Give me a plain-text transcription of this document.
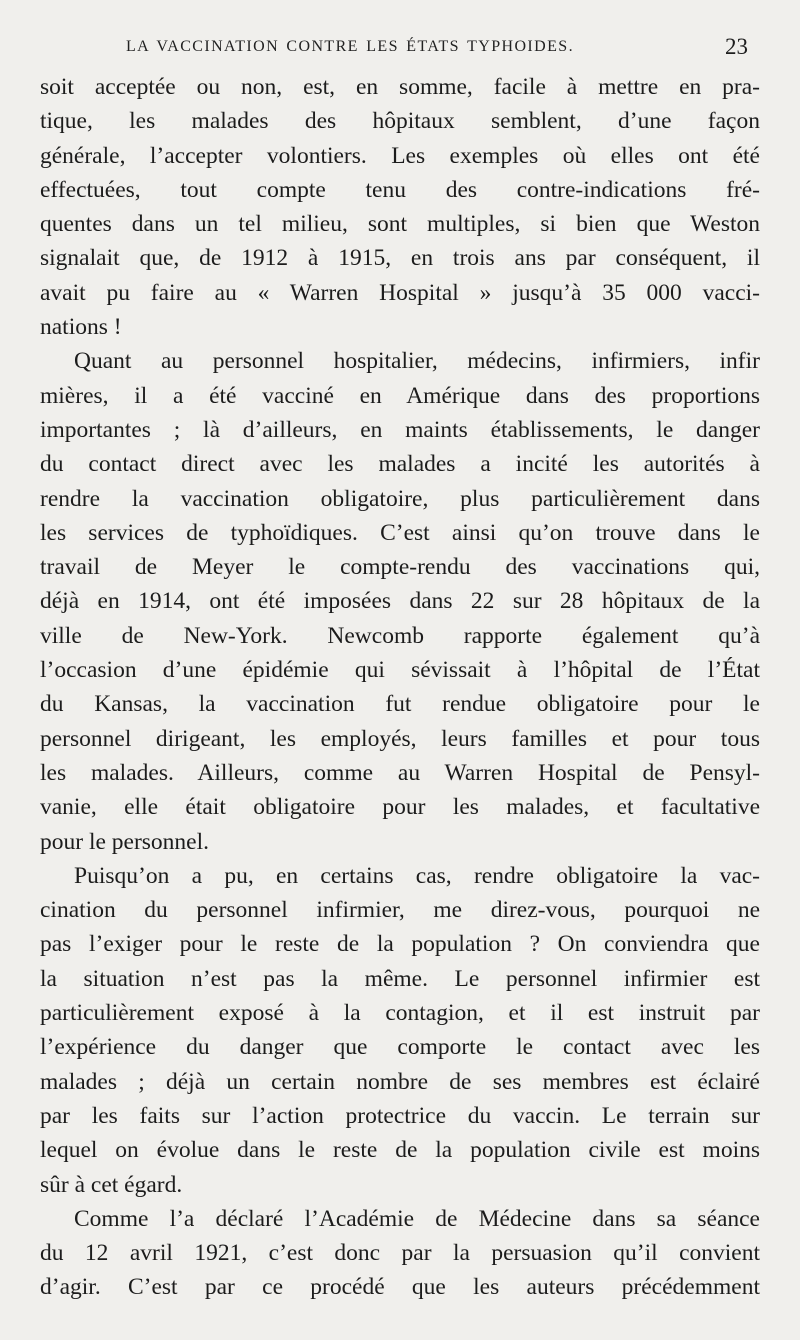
LA VACCINATION CONTRE LES ÉTATS TYPHOIDES.	23
soit acceptée ou non, est, en somme, facile à mettre en pra-
tique, les malades des hôpitaux semblent, d’une façon
générale, l’accepter volontiers. Les exemples où elles ont été
effectuées, tout compte tenu des contre-indications fré-
quentes dans un tel milieu, sont multiples, si bien que Weston
signalait que, de 1912 à 1915, en trois ans par conséquent, il
avait pu faire au « Warren Hospital » jusqu’à 35 000 vacci-
nations !
Quant au personnel hospitalier, médecins, infirmiers, infir
mières, il a été vacciné en Amérique dans des proportions
importantes ; là d’ailleurs, en maints établissements, le danger
du contact direct avec les malades a incité les autorités à
rendre la vaccination obligatoire, plus particulièrement dans
les services de typhoïdiques. C’est ainsi qu’on trouve dans le
travail de Meyer le compte-rendu des vaccinations qui,
déjà en 1914, ont été imposées dans 22 sur 28 hôpitaux de la
ville de New-York. Newcomb rapporte également qu’à
l’occasion d’une épidémie qui sévissait à l’hôpital de l’État
du Kansas, la vaccination fut rendue obligatoire pour le
personnel dirigeant, les employés, leurs familles et pour tous
les malades. Ailleurs, comme au Warren Hospital de Pensyl-
vanie, elle était obligatoire pour les malades, et facultative
pour le personnel.
Puisqu’on a pu, en certains cas, rendre obligatoire la vac-
cination du personnel infirmier, me direz-vous, pourquoi ne
pas l’exiger pour le reste de la population ? On conviendra que
la situation n’est pas la même. Le personnel infirmier est
particulièrement exposé à la contagion, et il est instruit par
l’expérience du danger que comporte le contact avec les
malades ; déjà un certain nombre de ses membres est éclairé
par les faits sur l’action protectrice du vaccin. Le terrain sur
lequel on évolue dans le reste de la population civile est moins
sûr à cet égard.
Comme l’a déclaré l’Académie de Médecine dans sa séance
du 12 avril 1921, c’est donc par la persuasion qu’il convient
d’agir. C’est par ce procédé que les auteurs précédemment
